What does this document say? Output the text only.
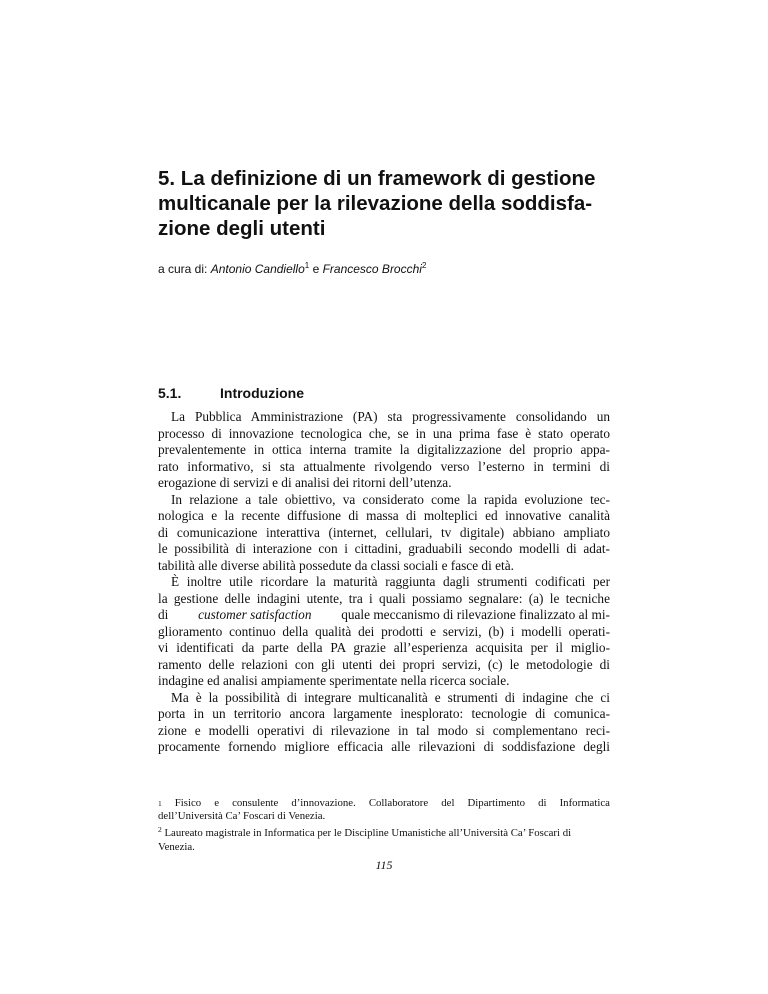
5. La definizione di un framework di gestione
multicanale per la rilevazione della soddisfa-
zione degli utenti
a cura di: Antonio Candiello$^1$ e Francesco Brocchi$^2$
5.1.	Introduzione
La Pubblica Amministrazione (PA) sta progressivamente consolidando un
processo di innovazione tecnologica che, se in una prima fase è stato operato
prevalentemente in ottica interna tramite la digitalizzazione del proprio appa-
rato informativo, si sta attualmente rivolgendo verso l’esterno in termini di
erogazione di servizi e di analisi dei ritorni dell’utenza.
In relazione a tale obiettivo, va considerato come la rapida evoluzione tec-
nologica e la recente diffusione di massa di molteplici ed innovative canalità
di comunicazione interattiva (internet, cellulari, tv digitale) abbiano ampliato
le possibilità di interazione con i cittadini, graduabili secondo modelli di adat-
tabilità alle diverse abilità possedute da classi sociali e fasce di età.
È inoltre utile ricordare la maturità raggiunta dagli strumenti codificati per
la gestione delle indagini utente, tra i quali possiamo segnalare: (a) le tecniche
di customer satisfaction quale meccanismo di rilevazione finalizzato al mi-
glioramento continuo della qualità dei prodotti e servizi, (b) i modelli operati-
vi identificati da parte della PA grazie all’esperienza acquisita per il miglio-
ramento delle relazioni con gli utenti dei propri servizi, (c) le metodologie di
indagine ed analisi ampiamente sperimentate nella ricerca sociale.
Ma è la possibilità di integrare multicanalità e strumenti di indagine che ci
porta in un territorio ancora largamente inesplorato: tecnologie di comunica-
zione e modelli operativi di rilevazione in tal modo si complementano reci-
procamente fornendo migliore efficacia alle rilevazioni di soddisfazione degli
1 Fisico e consulente d’innovazione. Collaboratore del Dipartimento di Informatica
dell’Università Ca’ Foscari di Venezia.
$^2$ Laureato magistrale in Informatica per le Discipline Umanistiche all’Università Ca’ Foscari di
Venezia.
115
